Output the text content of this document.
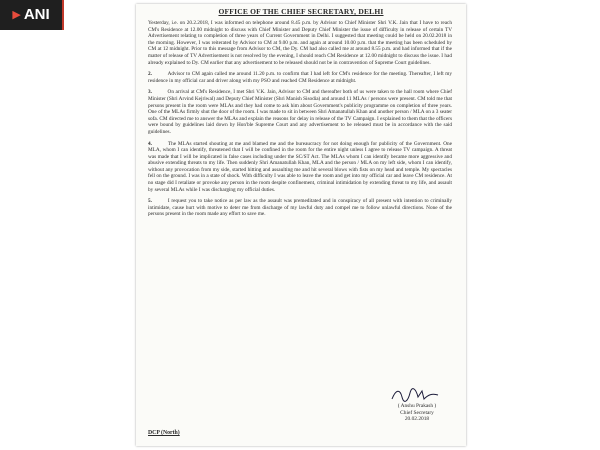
▶ ANI	OFFICE OF THE CHIEF SECRETARY, DELHI

Yesterday, i.e. on 20.2.2018, I was informed on telephone around 8.45 p.m. by Advisor to Chief Minister Shri V.K. Jain that I have to reach CM's Residence at 12.00 midnight to discuss with Chief Minister and Deputy Chief Minister the issue of difficulty in release of certain TV Advertisement relating to completion of three years of Current Government in Delhi. I suggested that meeting could be held on 20.02.2018 in the morning. However, I was reiterated by Advisor to CM at 9.00 p.m. and again at around 10.00 p.m. that the meeting has been scheduled by CM at 12 midnight. Prior to this message from Advisor to CM, the Dy. CM had also called me at around 8.55 p.m. and had informed that if the matter of release of TV Advertisement is not resolved by the evening, I should reach CM Residence at 12.00 midnight to discuss the issue. I had already explained to Dy. CM earlier that any advertisement to be released should not be in contravention of Supreme Court guidelines.

2.	Advisor to CM again called me around 11.20 p.m. to confirm that I had left for CM's residence for the meeting. Thereafter, I left my residence in my official car and driver along with my PSO and reached CM Residence at midnight.

3.	On arrival at CM's Residence, I met Shri V.K. Jain, Advisor to CM and thereafter both of us were taken to the hall room where Chief Minister (Shri Arvind Kejriwal) and Deputy Chief Minister (Shri Manish Sisodia) and around 11 MLAs / persons were present. CM told me that persons present in the room were MLAs and they had come to ask him about Government's publicity programme on completion of three years. One of the MLAs firmly shut the door of the room. I was made to sit in between Shri Amanatullah Khan and another person / MLA on a 3 seater sofa. CM directed me to answer the MLAs and explain the reasons for delay in release of the TV Campaign. I explained to them that the officers were bound by guidelines laid down by Hon'ble Supreme Court and any advertisement to be released must be in accordance with the said guidelines.

4.	The MLAs started shouting at me and blamed me and the bureaucracy for not doing enough for publicity of the Government. One MLA, whom I can identify, threatened that I will be confined in the room for the entire night unless I agree to release TV campaign. A threat was made that I will be implicated in false cases including under the SC/ST Act. The MLAs whom I can identify became more aggressive and abusive extending threats to my life. Then suddenly Shri Amanatullah Khan, MLA and the person / MLA on my left side, whom I can identify, without any provocation from my side, started hitting and assaulting me and hit several blows with fists on my head and temple. My spectacles fell on the ground. I was in a state of shock. With difficulty I was able to leave the room and get into my official car and leave CM residence. At no stage did I retaliate or provoke any person in the room despite confinement, criminal intimidation by extending threat to my life, and assault by several MLAs while I was discharging my official duties.

5.	I request you to take notice as per law as the assault was premeditated and in conspiracy of all present with intention to criminally intimidate, cause hurt with motive to deter me from discharge of my lawful duty and compel me to follow unlawful directions. None of the persons present in the room made any effort to save me.

( Anshu Prakash )
Chief Secretary
20.02.2018
DCP (North)
